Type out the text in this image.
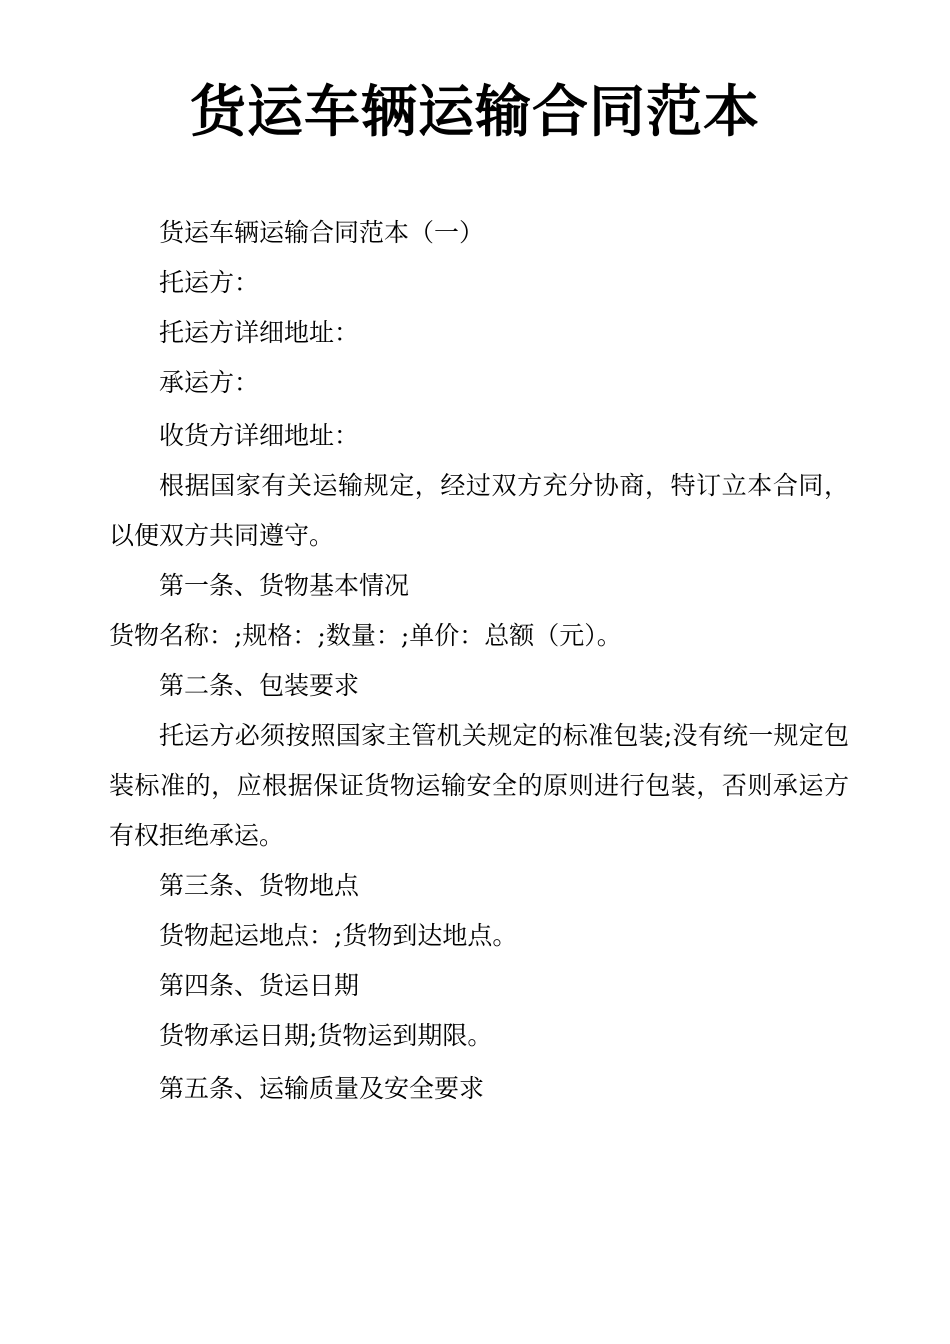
货运车辆运输合同范本

货运车辆运输合同范本（一）

托运方：

托运方详细地址：

承运方：

收货方详细地址：

根据国家有关运输规定，经过双方充分协商，特订立本合同，以便双方共同遵守。

第一条、货物基本情况

货物名称：;规格：;数量：;单价：总额（元）。

第二条、包装要求

托运方必须按照国家主管机关规定的标准包装;没有统一规定包装标准的，应根据保证货物运输安全的原则进行包装，否则承运方有权拒绝承运。

第三条、货物地点

货物起运地点：;货物到达地点。

第四条、货运日期

货物承运日期;货物运到期限。

第五条、运输质量及安全要求
